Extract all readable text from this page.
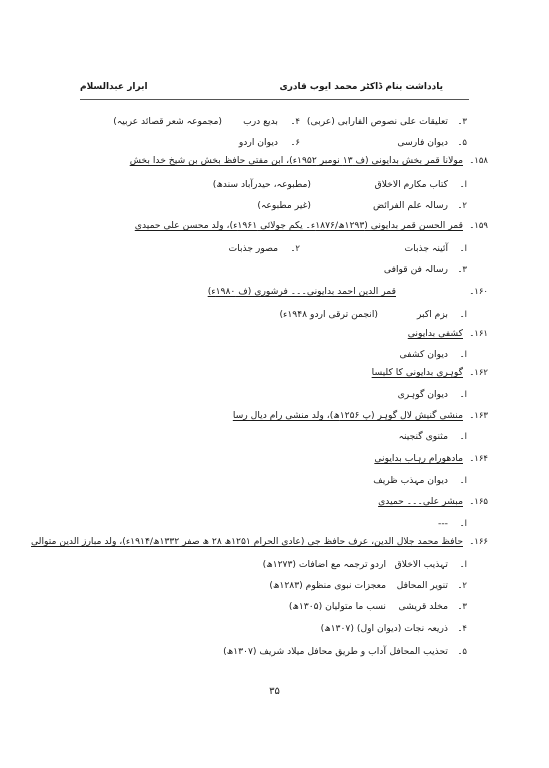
یادداشت بنام ڈاکٹر محمد ایوب قادری
ابرار عبدالسلام
۳۔
تعلیقات علی نصوص الفارابی (عربی)
۴۔
بدیع درب
(مجموعہ شعر قصائد عربیہ)
۵۔
دیوان فارسی
۶۔
دیوان اردو
۱۵۸۔
مولانا قمر بخش بدایونی (ف ۱۳ نومبر ۱۹۵۲ء)، ابن مفتی حافظ بخش بن شیخ خدا بخش
ا۔
کتاب مکارم الاخلاق
(مطبوعہ، حیدرآباد سندھ)
۲۔
رسالہ علم الفرائض
(غیر مطبوعہ)
۱۵۹۔
قمر الحسن قمر بدایونی (۱۲۹۳ھ/۱۸۷۶ء۔ یکم جولائی ۱۹۶۱ء)، ولد محسن علی حمیدی
ا۔
آئینہ جذبات
۲۔
مصور جذبات
۳۔
رسالہ فن قوافی
۱۶۰۔
قمر الدین احمد بدایونی۔۔۔ فرشوری (ف ۱۹۸۰ء)
ا۔
بزم اکبر
(انجمن ترقی اردو ۱۹۴۸ء)
۱۶۱۔
کشفی بدایونی
ا۔
دیوان کشفی
۱۶۲۔
گوہری بدایونی کا کلیسا
ا۔
دیوان گوہری
۱۶۳۔
منشی گنیش لال گوہر (پ ۱۲۵۶ھ)، ولد منشی رام دیال رسا
ا۔
مثنوی گنجینہ
۱۶۴۔
مادھورام رہاب بدایونی
ا۔
دیوان مہذب ظریف
۱۶۵۔
مبشر علی۔۔۔ حمیدی
ا۔
---
۱۶۶۔
حافظ محمد جلال الدین، عرف حافظ جی (عادی الحرام ۱۲۵۱ھ ۲۸ ھ صفر ۱۳۳۲ھ/۱۹۱۴ء)، ولد مبارز الدین متوالی
ا۔
تہذیب الاخلاق
اردو ترجمہ مع اضافات (۱۲۷۳ھ)
۲۔
تنویر المحافل
معجزات نبوی منظوم (۱۲۸۳ھ)
۳۔
مخلد قریشی
نسب ما متولیان (۱۳۰۵ھ)
۴۔
ذریعہ نجات (دیوان اول) (۱۳۰۷ھ)
۵۔
تحذیب المحافل
آداب و طریق محافل میلاد شریف (۱۳۰۷ھ)
۳۵
